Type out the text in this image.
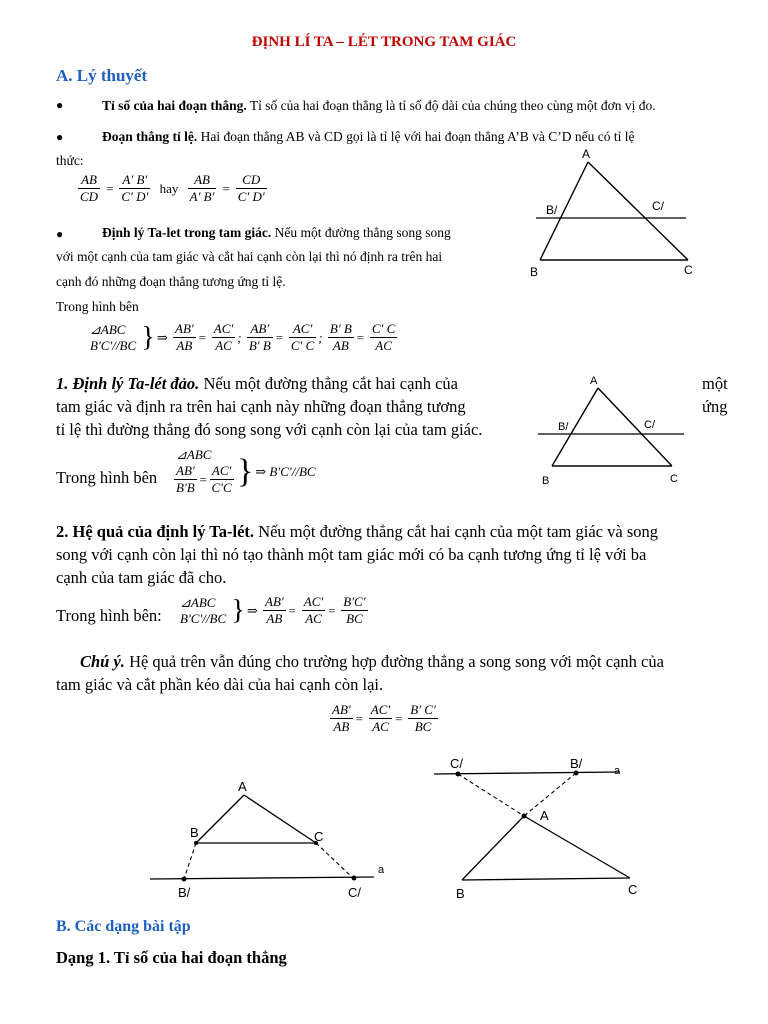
ĐỊNH LÍ TA – LÉT TRONG TAM GIÁC
A. Lý thuyết
●	Tỉ số của hai đoạn thẳng. Tỉ số của hai đoạn thẳng là tỉ số độ dài của chúng theo cùng một đơn vị đo.
●	Đoạn thẳng tỉ lệ. Hai đoạn thẳng AB và CD gọi là tỉ lệ với hai đoạn thẳng A’B và C’D nếu có tỉ lệ
thức:
$\frac{AB}{CD} = \frac{A' B'}{C' D'}$ hay $\frac{AB}{A' B'} = \frac{CD}{C' D'}$
●	Định lý Ta-let trong tam giác. Nếu một đường thẳng song song
với một cạnh của tam giác và cắt hai cạnh còn lại thì nó định ra trên hai
cạnh đó những đoạn thẳng tương ứng tỉ lệ.
Trong hình bên
A
B	C
B/	C/
⊿ABC
B′C′//BC } ⇒ $\frac{AB'}{AB} = \frac{AC'}{AC}$ ; $\frac{AB'}{B' B} = \frac{AC'}{C' C}$ ; $\frac{B' B}{AB} = \frac{C' C}{AC}$
1. Định lý Ta-lét đảo. Nếu một đường thẳng cắt hai cạnh của	một
tam giác và định ra trên hai cạnh này những đoạn thẳng tương	ứng
tỉ lệ thì đường thẳng đó song song với cạnh còn lại của tam giác.
A
B	C
B/	C/
Trong hình bên
⊿ABC
$\frac{AB'}{B'B} = \frac{AC'}{C'C}$ } ⇒ B′C′//BC
2. Hệ quả của định lý Ta-lét. Nếu một đường thẳng cắt hai cạnh của một tam giác và song
song với cạnh còn lại thì nó tạo thành một tam giác mới có ba cạnh tương ứng tỉ lệ với ba
cạnh của tam giác đã cho.
Trong hình bên:
⊿ABC
B′C′//BC } ⇒ $\frac{AB'}{AB} = \frac{AC'}{AC} = \frac{B'C'}{BC}$
Chú ý. Hệ quả trên vẫn đúng cho trường hợp đường thẳng a song song với một cạnh của
tam giác và cắt phần kéo dài của hai cạnh còn lại.
$\frac{AB'}{AB} = \frac{AC'}{AC} = \frac{B' C'}{BC}$
A
B	C
B/	C/
a
C/	B/	a
A
B	C
B. Các dạng bài tập
Dạng 1. Tỉ số của hai đoạn thẳng
